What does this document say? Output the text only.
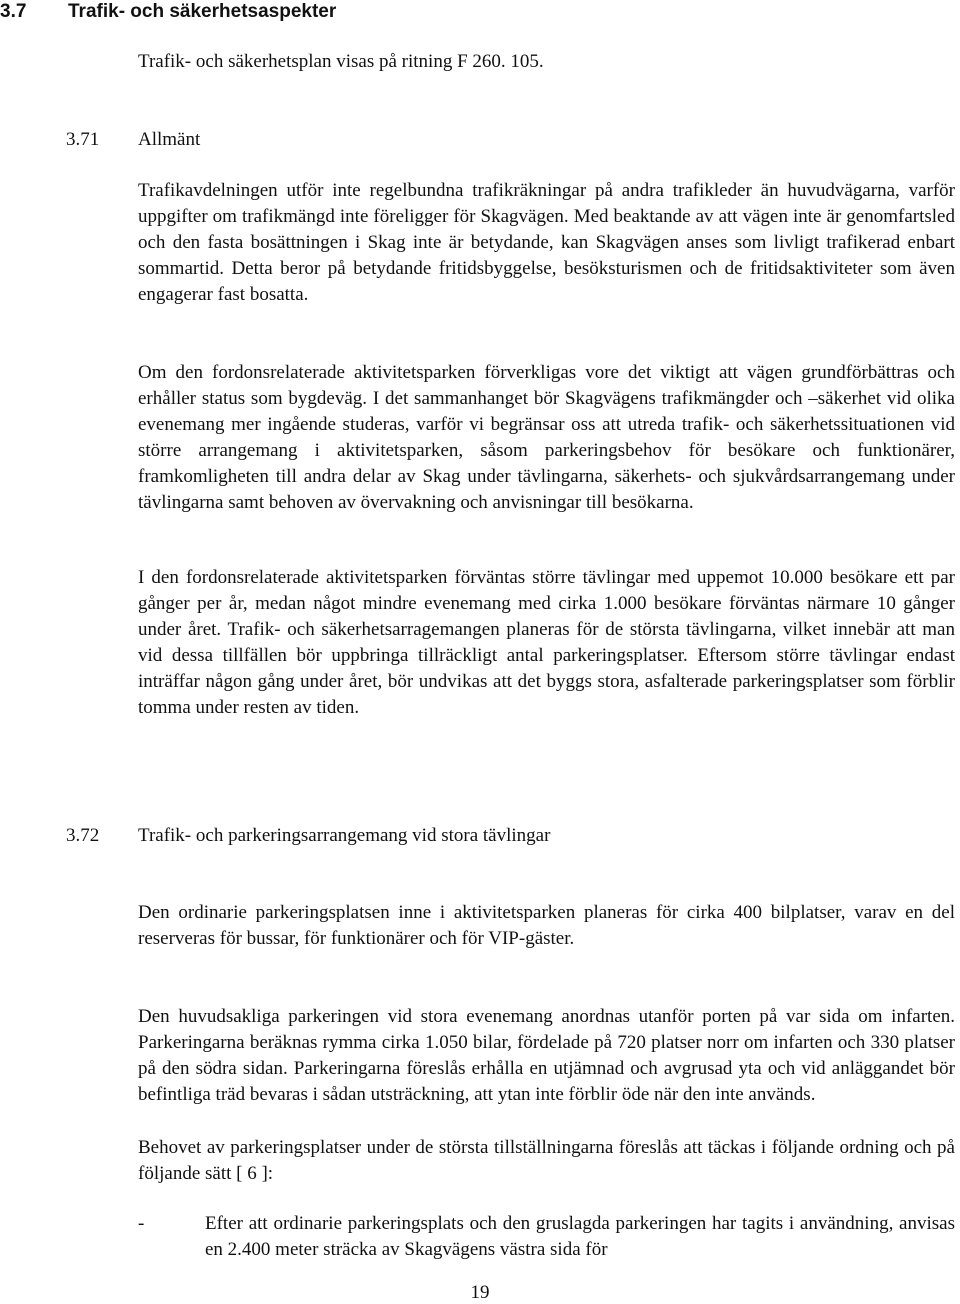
3.7 Trafik- och säkerhetsaspekter
Trafik- och säkerhetsplan visas på ritning F 260. 105.
3.71 Allmänt

Trafikavdelningen utför inte regelbundna trafikräkningar på andra trafikleder än huvudvägarna, varför uppgifter om trafikmängd inte föreligger för Skagvägen. Med beaktande av att vägen inte är genomfartsled och den fasta bosättningen i Skag inte är betydande, kan Skagvägen anses som livligt trafikerad enbart sommartid. Detta beror på betydande fritidsbyggelse, besöksturismen och de fritidsaktiviteter som även engagerar fast bosatta.

Om den fordonsrelaterade aktivitetsparken förverkligas vore det viktigt att vägen grundförbättras och erhåller status som bygdeväg. I det sammanhanget bör Skagvägens trafikmängder och –säkerhet vid olika evenemang mer ingående studeras, varför vi begränsar oss att utreda trafik- och säkerhetssituationen vid större arrangemang i aktivitetsparken, såsom parkeringsbehov för besökare och funktionärer, framkomligheten till andra delar av Skag under tävlingarna, säkerhets- och sjukvårdsarrangemang under tävlingarna samt behoven av övervakning och anvisningar till besökarna.

I den fordonsrelaterade aktivitetsparken förväntas större tävlingar med uppemot 10.000 besökare ett par gånger per år, medan något mindre evenemang med cirka 1.000 besökare förväntas närmare 10 gånger under året. Trafik- och säkerhetsarragemangen planeras för de största tävlingarna, vilket innebär att man vid dessa tillfällen bör uppbringa tillräckligt antal parkeringsplatser. Eftersom större tävlingar endast inträffar någon gång under året, bör undvikas att det byggs stora, asfalterade parkeringsplatser som förblir tomma under resten av tiden.

3.72 Trafik- och parkeringsarrangemang vid stora tävlingar

Den ordinarie parkeringsplatsen inne i aktivitetsparken planeras för cirka 400 bilplatser, varav en del reserveras för bussar, för funktionärer och för VIP-gäster.

Den huvudsakliga parkeringen vid stora evenemang anordnas utanför porten på var sida om infarten. Parkeringarna beräknas rymma cirka 1.050 bilar, fördelade på 720 platser norr om infarten och 330 platser på den södra sidan. Parkeringarna föreslås erhålla en utjämnad och avgrusad yta och vid anläggandet bör befintliga träd bevaras i sådan utsträckning, att ytan inte förblir öde när den inte används.

Behovet av parkeringsplatser under de största tillställningarna föreslås att täckas i följande ordning och på följande sätt [ 6 ]:

-	Efter att ordinarie parkeringsplats och den gruslagda parkeringen har tagits i användning, anvisas en 2.400 meter sträcka av Skagvägens västra sida för
19
